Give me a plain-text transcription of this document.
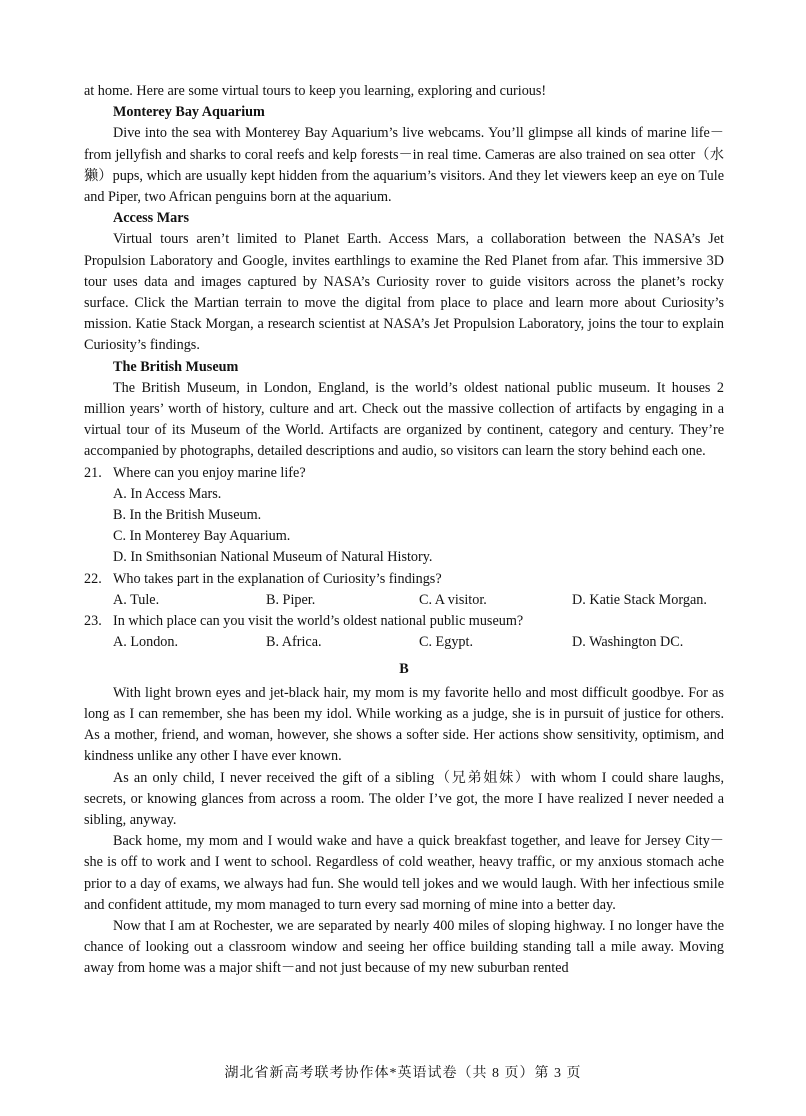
at home. Here are some virtual tours to keep you learning, exploring and curious!

Monterey Bay Aquarium

Dive into the sea with Monterey Bay Aquarium’s live webcams. You’ll glimpse all kinds of marine life－from jellyfish and sharks to coral reefs and kelp forests－in real time. Cameras are also trained on sea otter（水獭）pups, which are usually kept hidden from the aquarium’s visitors. And they let viewers keep an eye on Tule and Piper, two African penguins born at the aquarium.

Access Mars

Virtual tours aren’t limited to Planet Earth. Access Mars, a collaboration between the NASA’s Jet Propulsion Laboratory and Google, invites earthlings to examine the Red Planet from afar. This immersive 3D tour uses data and images captured by NASA’s Curiosity rover to guide visitors across the planet’s rocky surface. Click the Martian terrain to move the digital from place to place and learn more about Curiosity’s mission. Katie Stack Morgan, a research scientist at NASA’s Jet Propulsion Laboratory, joins the tour to explain Curiosity’s findings.

The British Museum

The British Museum, in London, England, is the world’s oldest national public museum. It houses 2 million years’ worth of history, culture and art. Check out the massive collection of artifacts by engaging in a virtual tour of its Museum of the World. Artifacts are organized by continent, category and century. They’re accompanied by photographs, detailed descriptions and audio, so visitors can learn the story behind each one.

21. Where can you enjoy marine life?

A. In Access Mars.

B. In the British Museum.

C. In Monterey Bay Aquarium.

D. In Smithsonian National Museum of Natural History.

22. Who takes part in the explanation of Curiosity’s findings?
A. Tule.	B. Piper.	C. A visitor.	D. Katie Stack Morgan.
23. In which place can you visit the world’s oldest national public museum?
A. London.	B. Africa.	C. Egypt.	D. Washington DC.

B

With light brown eyes and jet-black hair, my mom is my favorite hello and most difficult goodbye. For as long as I can remember, she has been my idol. While working as a judge, she is in pursuit of justice for others. As a mother, friend, and woman, however, she shows a softer side. Her actions show sensitivity, optimism, and kindness unlike any other I have ever known.

As an only child, I never received the gift of a sibling（兄弟姐妹）with whom I could share laughs, secrets, or knowing glances from across a room. The older I’ve got, the more I have realized I never needed a sibling, anyway.

Back home, my mom and I would wake and have a quick breakfast together, and leave for Jersey City－she is off to work and I went to school. Regardless of cold weather, heavy traffic, or my anxious stomach ache prior to a day of exams, we always had fun. She would tell jokes and we would laugh. With her infectious smile and confident attitude, my mom managed to turn every sad morning of mine into a better day.

Now that I am at Rochester, we are separated by nearly 400 miles of sloping highway. I no longer have the chance of looking out a classroom window and seeing her office building standing tall a mile away. Moving away from home was a major shift－and not just because of my new suburban rented

湖北省新高考联考协作体*英语试卷（共 8 页）第 3 页
